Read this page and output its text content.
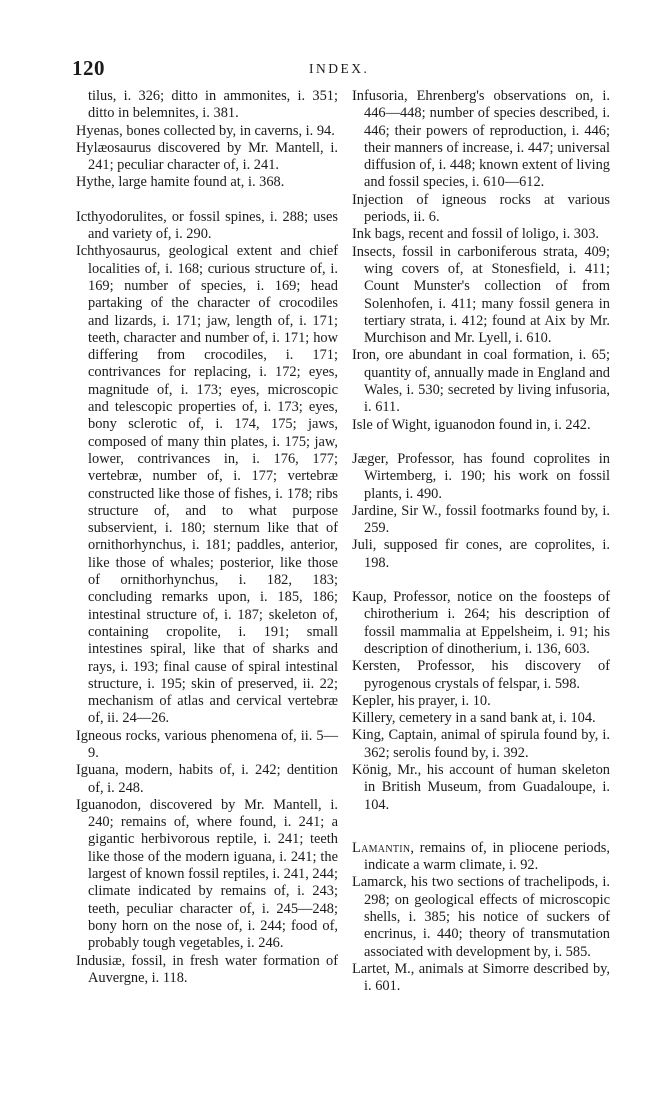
120	INDEX.

tilus, i. 326; ditto in ammonites, i. 351; ditto in belemnites, i. 381.

Hyenas, bones collected by, in caverns, i. 94.

Hylæosaurus discovered by Mr. Mantell, i. 241; peculiar character of, i. 241.

Hythe, large hamite found at, i. 368.

Icthyodorulites, or fossil spines, i. 288; uses and variety of, i. 290.

Ichthyosaurus, geological extent and chief localities of, i. 168; curious structure of, i. 169; number of species, i. 169; head partaking of the character of crocodiles and lizards, i. 171; jaw, length of, i. 171; teeth, character and number of, i. 171; how differing from crocodiles, i. 171; contrivances for replacing, i. 172; eyes, magnitude of, i. 173; eyes, microscopic and telescopic properties of, i. 173; eyes, bony sclerotic of, i. 174, 175; jaws, composed of many thin plates, i. 175; jaw, lower, contrivances in, i. 176, 177; vertebræ, number of, i. 177; vertebræ constructed like those of fishes, i. 178; ribs structure of, and to what purpose subservient, i. 180; sternum like that of ornithorhynchus, i. 181; paddles, anterior, like those of whales; posterior, like those of ornithorhynchus, i. 182, 183; concluding remarks upon, i. 185, 186; intestinal structure of, i. 187; skeleton of, containing cropolite, i. 191; small intestines spiral, like that of sharks and rays, i. 193; final cause of spiral intestinal structure, i. 195; skin of preserved, ii. 22; mechanism of atlas and cervical vertebræ of, ii. 24—26.

Igneous rocks, various phenomena of, ii. 5—9.

Iguana, modern, habits of, i. 242; dentition of, i. 248.

Iguanodon, discovered by Mr. Mantell, i. 240; remains of, where found, i. 241; a gigantic herbivorous reptile, i. 241; teeth like those of the modern iguana, i. 241; the largest of known fossil reptiles, i. 241, 244; climate indicated by remains of, i. 243; teeth, peculiar character of, i. 245—248; bony horn on the nose of, i. 244; food of, probably tough vegetables, i. 246.

Indusiæ, fossil, in fresh water formation of Auvergne, i. 118.

Infusoria, Ehrenberg's observations on, i. 446—448; number of species described, i. 446; their powers of reproduction, i. 446; their manners of increase, i. 447; universal diffusion of, i. 448; known extent of living and fossil species, i. 610—612.

Injection of igneous rocks at various periods, ii. 6.

Ink bags, recent and fossil of loligo, i. 303.

Insects, fossil in carboniferous strata, 409; wing covers of, at Stonesfield, i. 411; Count Munster's collection of from Solenhofen, i. 411; many fossil genera in tertiary strata, i. 412; found at Aix by Mr. Murchison and Mr. Lyell, i. 610.

Iron, ore abundant in coal formation, i. 65; quantity of, annually made in England and Wales, i. 530; secreted by living infusoria, i. 611.

Isle of Wight, iguanodon found in, i. 242.

Jæger, Professor, has found coprolites in Wirtemberg, i. 190; his work on fossil plants, i. 490.

Jardine, Sir W., fossil footmarks found by, i. 259.

Juli, supposed fir cones, are coprolites, i. 198.

Kaup, Professor, notice on the foosteps of chirotherium i. 264; his description of fossil mammalia at Eppelsheim, i. 91; his description of dinotherium, i. 136, 603.

Kersten, Professor, his discovery of pyrogenous crystals of felspar, i. 598.

Kepler, his prayer, i. 10.

Killery, cemetery in a sand bank at, i. 104.

King, Captain, animal of spirula found by, i. 362; serolis found by, i. 392.

König, Mr., his account of human skeleton in British Museum, from Guadaloupe, i. 104.

Lamantin, remains of, in pliocene periods, indicate a warm climate, i. 92.

Lamarck, his two sections of trachelipods, i. 298; on geological effects of microscopic shells, i. 385; his notice of suckers of encrinus, i. 440; theory of transmutation associated with development by, i. 585.

Lartet, M., animals at Simorre described by, i. 601.
